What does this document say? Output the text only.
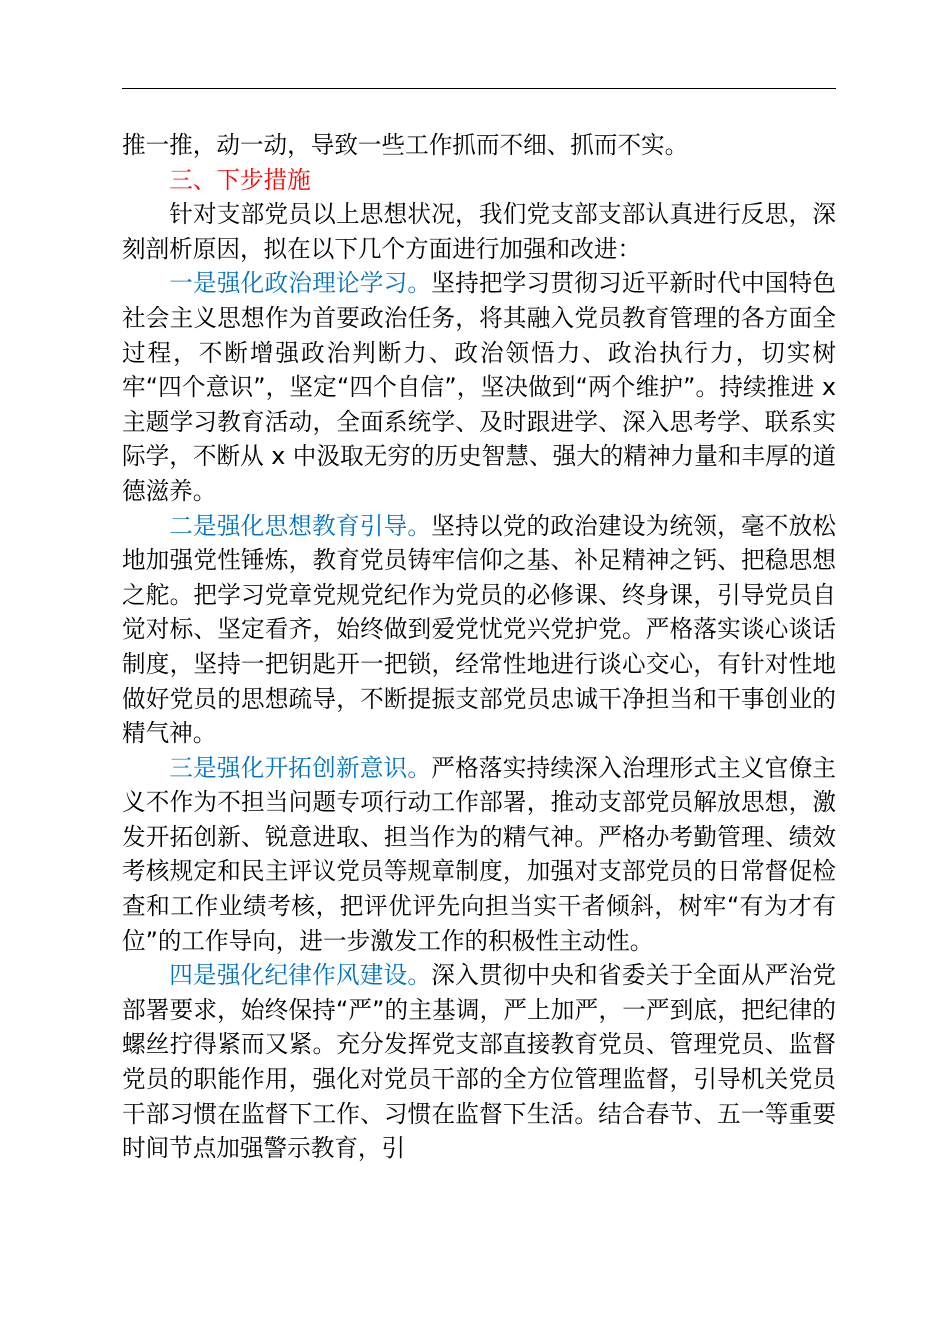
推一推，动一动，导致一些工作抓而不细、抓而不实。

三、下步措施

针对支部党员以上思想状况，我们党支部支部认真进行反思，深刻剖析原因，拟在以下几个方面进行加强和改进：

一是强化政治理论学习。坚持把学习贯彻习近平新时代中国特色社会主义思想作为首要政治任务，将其融入党员教育管理的各方面全过程，不断增强政治判断力、政治领悟力、政治执行力，切实树牢“四个意识”，坚定“四个自信”，坚决做到“两个维护”。持续推进 x 主题学习教育活动，全面系统学、及时跟进学、深入思考学、联系实际学，不断从 x 中汲取无穷的历史智慧、强大的精神力量和丰厚的道德滋养。

二是强化思想教育引导。坚持以党的政治建设为统领，毫不放松地加强党性锤炼，教育党员铸牢信仰之基、补足精神之钙、把稳思想之舵。把学习党章党规党纪作为党员的必修课、终身课，引导党员自觉对标、坚定看齐，始终做到爱党忧党兴党护党。严格落实谈心谈话制度，坚持一把钥匙开一把锁，经常性地进行谈心交心，有针对性地做好党员的思想疏导，不断提振支部党员忠诚干净担当和干事创业的精气神。

三是强化开拓创新意识。严格落实持续深入治理形式主义官僚主义不作为不担当问题专项行动工作部署，推动支部党员解放思想，激发开拓创新、锐意进取、担当作为的精气神。严格办考勤管理、绩效考核规定和民主评议党员等规章制度，加强对支部党员的日常督促检查和工作业绩考核，把评优评先向担当实干者倾斜，树牢“有为才有位”的工作导向，进一步激发工作的积极性主动性。

四是强化纪律作风建设。深入贯彻中央和省委关于全面从严治党部署要求，始终保持“严”的主基调，严上加严，一严到底，把纪律的螺丝拧得紧而又紧。充分发挥党支部直接教育党员、管理党员、监督党员的职能作用，强化对党员干部的全方位管理监督，引导机关党员干部习惯在监督下工作、习惯在监督下生活。结合春节、五一等重要时间节点加强警示教育，引
